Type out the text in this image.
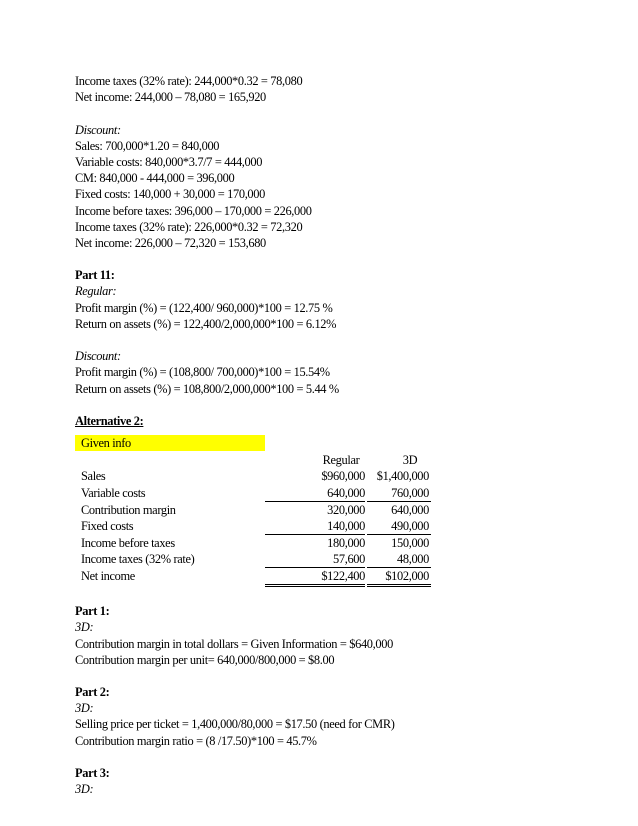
Income taxes (32% rate): 244,000*0.32 = 78,080
Net income: 244,000 – 78,080 = 165,920
Discount:
Sales: 700,000*1.20 = 840,000
Variable costs: 840,000*3.7/7 = 444,000
CM: 840,000 - 444,000 = 396,000
Fixed costs: 140,000 + 30,000 = 170,000
Income before taxes: 396,000 – 170,000 = 226,000
Income taxes (32% rate): 226,000*0.32 = 72,320
Net income: 226,000 – 72,320 = 153,680
Part 11:
Regular:
Profit margin (%) = (122,400/ 960,000)*100 = 12.75 %
Return on assets (%) = 122,400/2,000,000*100 = 6.12%
Discount:
Profit margin (%) = (108,800/ 700,000)*100 = 15.54%
Return on assets (%) = 108,800/2,000,000*100 = 5.44 %
Alternative 2:
Given info
Regular	3D
Sales	$960,000 $1,400,000
Variable costs	640,000	760,000
Contribution margin	320,000	640,000
Fixed costs	140,000	490,000
Income before taxes	180,000	150,000
Income taxes (32% rate)	57,600	48,000
Net income	$122,400	$102,000
Part 1:
3D:
Contribution margin in total dollars = Given Information = $640,000
Contribution margin per unit= 640,000/800,000 = $8.00
Part 2:
3D:
Selling price per ticket = 1,400,000/80,000 = $17.50 (need for CMR)
Contribution margin ratio = (8 /17.50)*100 = 45.7%
Part 3:
3D:
